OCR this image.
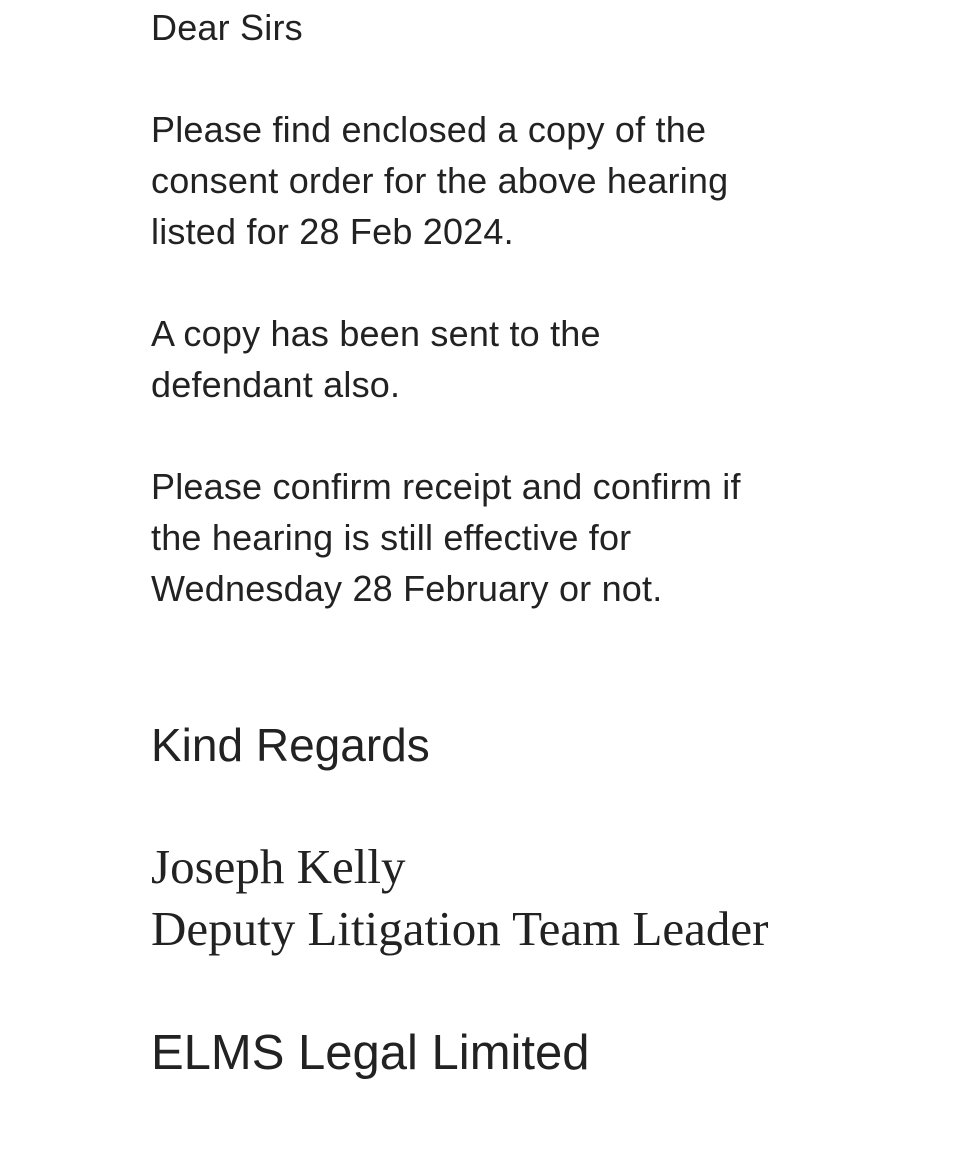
Dear Sirs
Please find enclosed a copy of the
consent order for the above hearing
listed for 28 Feb 2024.
A copy has been sent to the
defendant also.
Please confirm receipt and confirm if
the hearing is still effective for
Wednesday 28 February or not.
Kind Regards
Joseph Kelly
Deputy Litigation Team Leader
ELMS Legal Limited
